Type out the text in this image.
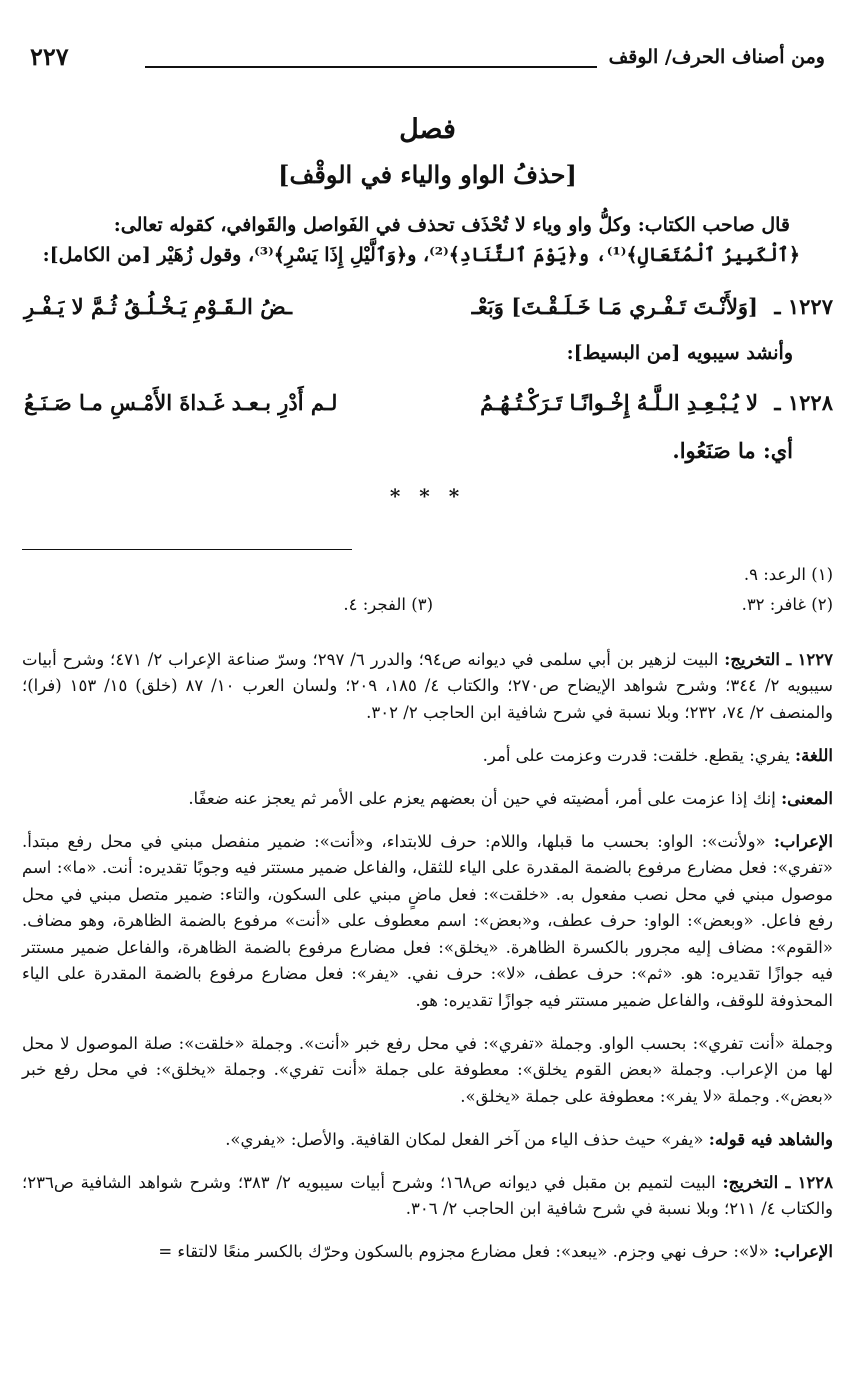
ومن أصناف الحرف/ الوقف
٢٢٧
فصل
[حذفُ الواو والياء في الوقْف]
قال صاحب الكتاب: وكلُّ واو وياء لا تُحْذَف تحذف في الفَواصل والقَوافي، كقوله تعالى:
﴿ٱلْكَبِيرُ ٱلْمُتَعَالِ﴾⁽¹⁾، و﴿يَوْمَ ٱلتَّنَادِ﴾⁽²⁾، و﴿وَٱلَّيْلِ إِذَا يَسْرِ﴾⁽³⁾، وقول زُهَيْر [من الكامل]:
١٢٢٧ ـ
[وَلأَنْـتَ تَـفْـري مَـا خَـلَـقْـتَ] وَبَعْـ
ـضُ الـقَـوْمِ يَـخْـلُـقُ ثُـمَّ لا يَـفْـرِ
وأنشد سيبويه [من البسيط]:
١٢٢٨ ـ
لا يُـبْـعِـدِ الـلَّـهُ إِخْـوانًـا تَـرَكْـتُـهُـمُ
لـم أَدْرِ بـعـد غَـداةَ الأَمْـسِ مـا صَـنَـعُ
أي: ما صَنَعُوا.
* * *
(١) الرعد: ٩.
(٢) غافر: ٣٢.
(٣) الفجر: ٤.

١٢٢٧ ـ التخريج: البيت لزهير بن أبي سلمى في ديوانه ص٩٤؛ والدرر ٦/ ٢٩٧؛ وسرّ صناعة الإعراب ٢/ ٤٧١؛ وشرح أبيات سيبويه ٢/ ٣٤٤؛ وشرح شواهد الإيضاح ص٢٧٠؛ والكتاب ٤/ ١٨٥، ٢٠٩؛ ولسان العرب ١٠/ ٨٧ (خلق) ١٥/ ١٥٣ (فرا)؛ والمنصف ٢/ ٧٤، ٢٣٢؛ وبلا نسبة في شرح شافية ابن الحاجب ٢/ ٣٠٢.

اللغة: يفري: يقطع. خلقت: قدرت وعزمت على أمر.

المعنى: إنك إذا عزمت على أمر، أمضيته في حين أن بعضهم يعزم على الأمر ثم يعجز عنه ضعفًا.

الإعراب: «ولأنت»: الواو: بحسب ما قبلها، واللام: حرف للابتداء، و«أنت»: ضمير منفصل مبني في محل رفع مبتدأ. «تفري»: فعل مضارع مرفوع بالضمة المقدرة على الياء للثقل، والفاعل ضمير مستتر فيه وجوبًا تقديره: أنت. «ما»: اسم موصول مبني في محل نصب مفعول به. «خلقت»: فعل ماضٍ مبني على السكون، والتاء: ضمير متصل مبني في محل رفع فاعل. «وبعض»: الواو: حرف عطف، و«بعض»: اسم معطوف على «أنت» مرفوع بالضمة الظاهرة، وهو مضاف. «القوم»: مضاف إليه مجرور بالكسرة الظاهرة. «يخلق»: فعل مضارع مرفوع بالضمة الظاهرة، والفاعل ضمير مستتر فيه جوازًا تقديره: هو. «ثم»: حرف عطف، «لا»: حرف نفي. «يفر»: فعل مضارع مرفوع بالضمة المقدرة على الياء المحذوفة للوقف، والفاعل ضمير مستتر فيه جوازًا تقديره: هو.

وجملة «أنت تفري»: بحسب الواو. وجملة «تفري»: في محل رفع خبر «أنت». وجملة «خلقت»: صلة الموصول لا محل لها من الإعراب. وجملة «بعض القوم يخلق»: معطوفة على جملة «أنت تفري». وجملة «يخلق»: في محل رفع خبر «بعض». وجملة «لا يفر»: معطوفة على جملة «يخلق».

والشاهد فيه قوله: «يفر» حيث حذف الياء من آخر الفعل لمكان القافية. والأصل: «يفري».

١٢٢٨ ـ التخريج: البيت لتميم بن مقبل في ديوانه ص١٦٨؛ وشرح أبيات سيبويه ٢/ ٣٨٣؛ وشرح شواهد الشافية ص٢٣٦؛ والكتاب ٤/ ٢١١؛ وبلا نسبة في شرح شافية ابن الحاجب ٢/ ٣٠٦.

الإعراب: «لا»: حرف نهي وجزم. «يبعد»: فعل مضارع مجزوم بالسكون وحرّك بالكسر منعًا لالتقاء =
